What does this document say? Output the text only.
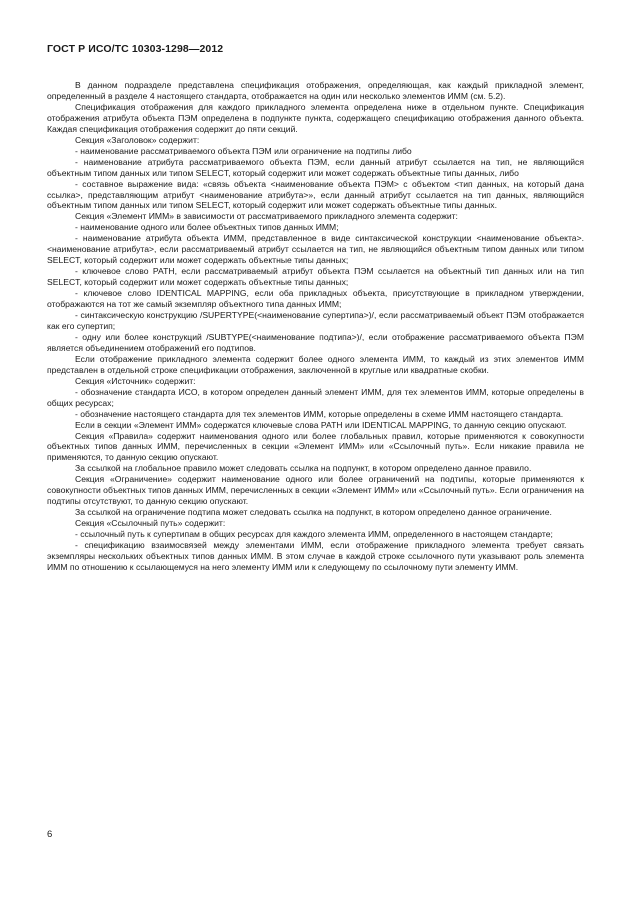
ГОСТ Р ИСО/ТС 10303-1298—2012

В данном подразделе представлена спецификация отображения, определяющая, как каждый прикладной элемент, определенный в разделе 4 настоящего стандарта, отображается на один или несколько элементов ИММ (см. 5.2).

Спецификация отображения для каждого прикладного элемента определена ниже в отдельном пункте. Спецификация отображения атрибута объекта ПЭМ определена в подпункте пункта, содержащего спецификацию отображения данного объекта. Каждая спецификация отображения содержит до пяти секций.

Секция «Заголовок» содержит:

- наименование рассматриваемого объекта ПЭМ или ограничение на подтипы либо

- наименование атрибута рассматриваемого объекта ПЭМ, если данный атрибут ссылается на тип, не являющийся объектным типом данных или типом SELECT, который содержит или может содержать объектные типы данных, либо

- составное выражение вида: «связь объекта <наименование объекта ПЭМ> с объектом <тип данных, на который дана ссылка>, представляющим атрибут <наименование атрибута>», если данный атрибут ссылается на тип данных, являющийся объектным типом данных или типом SELECT, который содержит или может содержать объектные типы данных.

Секция «Элемент ИММ» в зависимости от рассматриваемого прикладного элемента содержит:

- наименование одного или более объектных типов данных ИММ;

- наименование атрибута объекта ИММ, представленное в виде синтаксической конструкции <наименование объекта>.<наименование атрибута>, если рассматриваемый атрибут ссылается на тип, не являющийся объектным типом данных или типом SELECT, который содержит или может содержать объектные типы данных;

- ключевое слово PATH, если рассматриваемый атрибут объекта ПЭМ ссылается на объектный тип данных или на тип SELECT, который содержит или может содержать объектные типы данных;

- ключевое слово IDENTICAL MAPPING, если оба прикладных объекта, присутствующие в прикладном утверждении, отображаются на тот же самый экземпляр объектного типа данных ИММ;

- синтаксическую конструкцию /SUPERTYPE(<наименование супертипа>)/, если рассматриваемый объект ПЭМ отображается как его супертип;

- одну или более конструкций /SUBTYPE(<наименование подтипа>)/, если отображение рассматриваемого объекта ПЭМ является объединением отображений его подтипов.

Если отображение прикладного элемента содержит более одного элемента ИММ, то каждый из этих элементов ИММ представлен в отдельной строке спецификации отображения, заключенной в круглые или квадратные скобки.

Секция «Источник» содержит:

- обозначение стандарта ИСО, в котором определен данный элемент ИММ, для тех элементов ИММ, которые определены в общих ресурсах;

- обозначение настоящего стандарта для тех элементов ИММ, которые определены в схеме ИММ настоящего стандарта.

Если в секции «Элемент ИММ» содержатся ключевые слова PATH или IDENTICAL MAPPING, то данную секцию опускают.

Секция «Правила» содержит наименования одного или более глобальных правил, которые применяются к совокупности объектных типов данных ИММ, перечисленных в секции «Элемент ИММ» или «Ссылочный путь». Если никакие правила не применяются, то данную секцию опускают.

За ссылкой на глобальное правило может следовать ссылка на подпункт, в котором определено данное правило.

Секция «Ограничение» содержит наименование одного или более ограничений на подтипы, которые применяются к совокупности объектных типов данных ИММ, перечисленных в секции «Элемент ИММ» или «Ссылочный путь». Если ограничения на подтипы отсутствуют, то данную секцию опускают.

За ссылкой на ограничение подтипа может следовать ссылка на подпункт, в котором определено данное ограничение.

Секция «Ссылочный путь» содержит:

- ссылочный путь к супертипам в общих ресурсах для каждого элемента ИММ, определенного в настоящем стандарте;

- спецификацию взаимосвязей между элементами ИММ, если отображение прикладного элемента требует связать экземпляры нескольких объектных типов данных ИММ. В этом случае в каждой строке ссылочного пути указывают роль элемента ИММ по отношению к ссылающемуся на него элементу ИММ или к следующему по ссылочному пути элементу ИММ.

6
